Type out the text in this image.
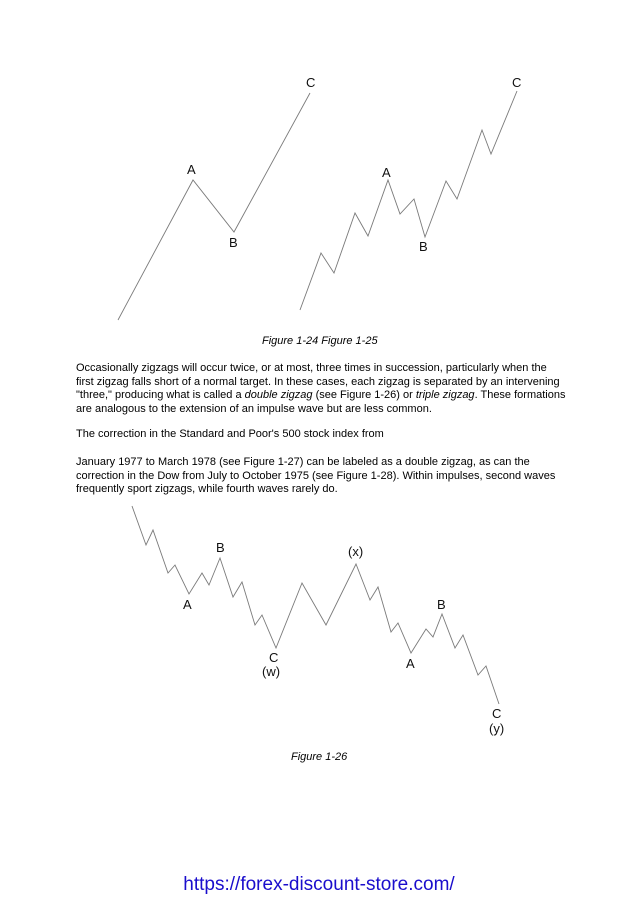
A
B
C
A
B
C
Figure 1-24 Figure 1-25

Occasionally zigzags will occur twice, or at most, three times in succession, particularly when the first zigzag falls short of a normal target. In these cases, each zigzag is separated by an intervening "three," producing what is called a double zigzag (see Figure 1-26) or triple zigzag. These formations are analogous to the extension of an impulse wave but are less common.

The correction in the Standard and Poor's 500 stock index from

January 1977 to March 1978 (see Figure 1-27) can be labeled as a double zigzag, as can the correction in the Dow from July to October 1975 (see Figure 1-28). Within impulses, second waves frequently sport zigzags, while fourth waves rarely do.

A
B
C
(w)
(x)
A
B
C
(y)
Figure 1-26
https://forex-discount-store.com/
